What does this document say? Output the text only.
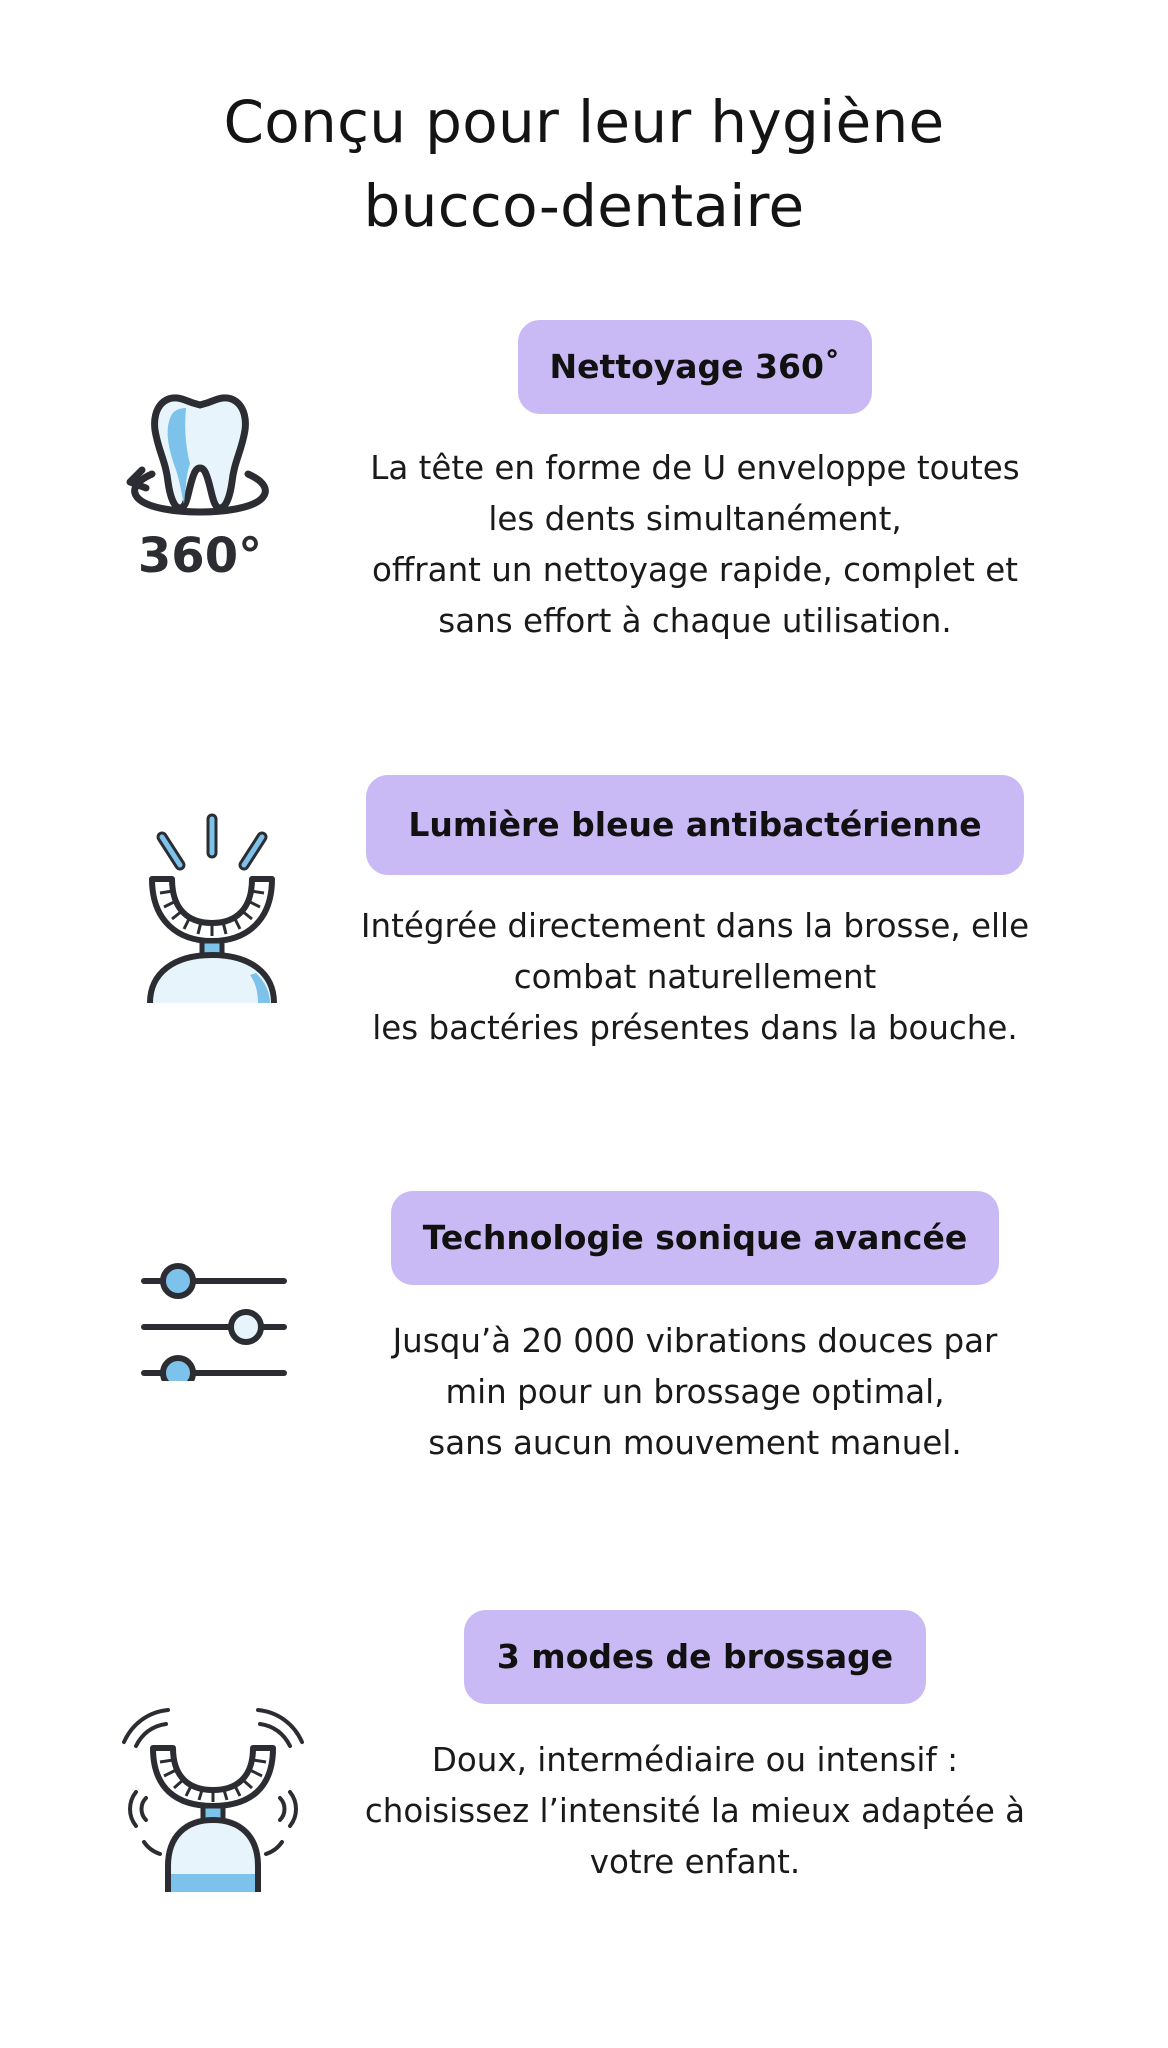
Conçu pour leur hygiène
bucco-dentaire
360°
Nettoyage 360˚
La tête en forme de U enveloppe toutes
les dents simultanément,
offrant un nettoyage rapide, complet et
sans effort à chaque utilisation.
Lumière bleue antibactérienne
Intégrée directement dans la brosse, elle
combat naturellement
les bactéries présentes dans la bouche.
Technologie sonique avancée
Jusqu’à 20 000 vibrations douces par
min pour un brossage optimal,
sans aucun mouvement manuel.
3 modes de brossage
Doux, intermédiaire ou intensif :
choisissez l’intensité la mieux adaptée à
votre enfant.
